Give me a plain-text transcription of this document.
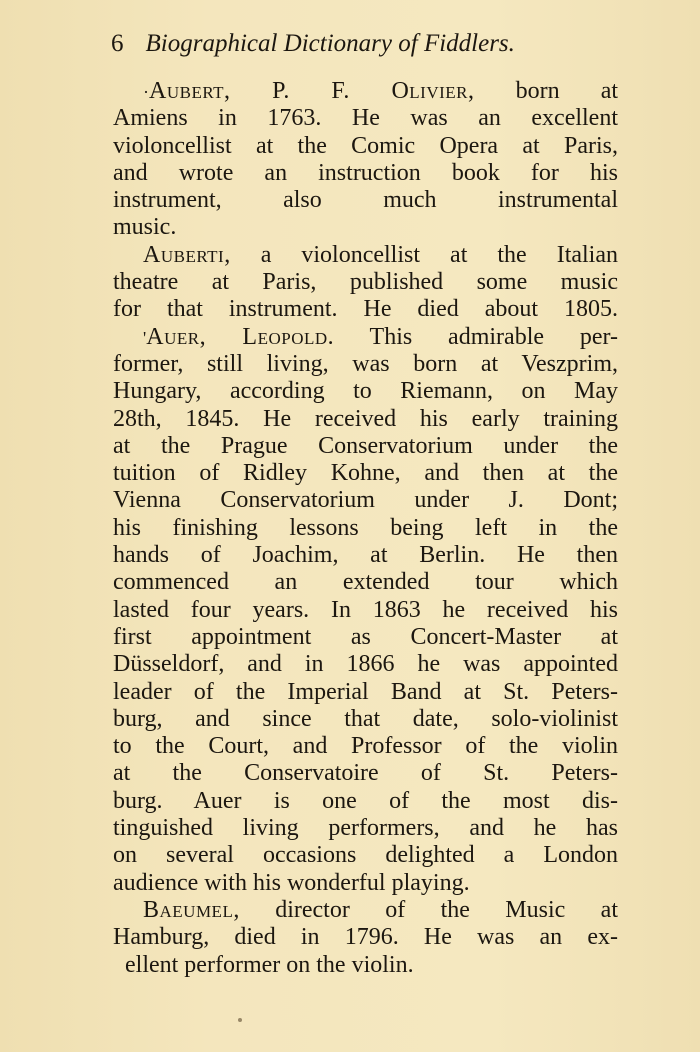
6 Biographical Dictionary of Fiddlers.
·Aubert, P. F. Olivier, born at
Amiens in 1763. He was an excellent
violoncellist at the Comic Opera at Paris,
and wrote an instruction book for his
instrument, also much instrumental
music.
Auberti, a violoncellist at the Italian
theatre at Paris, published some music
for that instrument. He died about 1805.
'Auer, Leopold. This admirable per-
former, still living, was born at Veszprim,
Hungary, according to Riemann, on May
28th, 1845. He received his early training
at the Prague Conservatorium under the
tuition of Ridley Kohne, and then at the
Vienna Conservatorium under J. Dont;
his finishing lessons being left in the
hands of Joachim, at Berlin. He then
commenced an extended tour which
lasted four years. In 1863 he received his
first appointment as Concert-Master at
Düsseldorf, and in 1866 he was appointed
leader of the Imperial Band at St. Peters-
burg, and since that date, solo-violinist
to the Court, and Professor of the violin
at the Conservatoire of St. Peters-
burg. Auer is one of the most dis-
tinguished living performers, and he has
on several occasions delighted a London
audience with his wonderful playing.
Baeumel, director of the Music at
Hamburg, died in 1796. He was an ex-
ellent performer on the violin.
